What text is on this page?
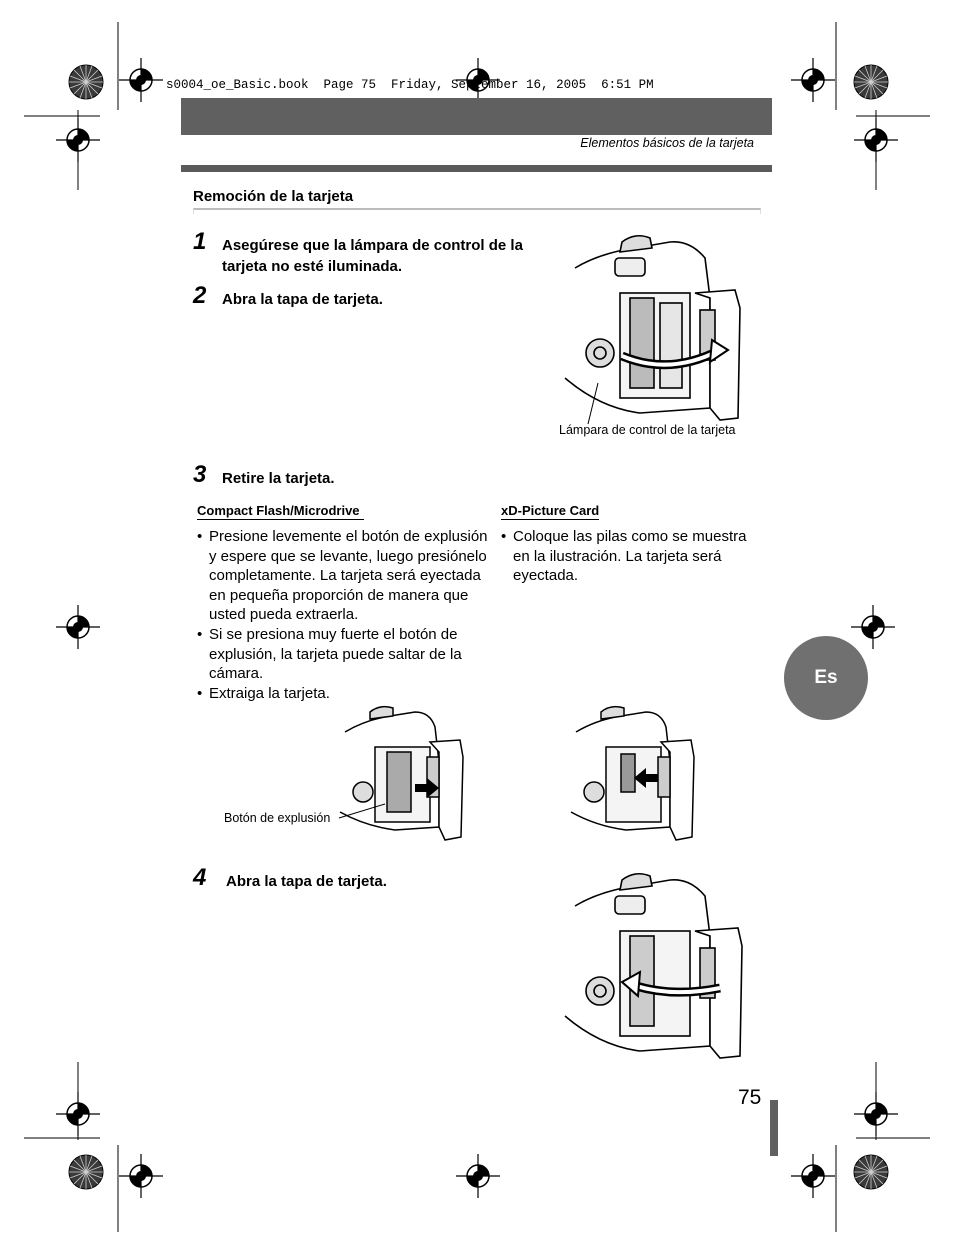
s0004_oe_Basic.book  Page 75  Friday, September 16, 2005  6:51 PM
Elementos básicos de la tarjeta
Remoción de la tarjeta
1 Asegúrese que la lámpara de control de la tarjeta no esté iluminada.
2 Abra la tapa de tarjeta.
Lámpara de control de la tarjeta
3 Retire la tarjeta.
Compact Flash/Microdrive
• Presione levemente el botón de explusión y espere que se levante, luego presiónelo completamente. La tarjeta será eyectada en pequeña proporción de manera que usted pueda extraerla.
• Si se presiona muy fuerte el botón de explusión, la tarjeta puede saltar de la cámara.
• Extraiga la tarjeta.
xD-Picture Card
• Coloque las pilas como se muestra en la ilustración. La tarjeta será eyectada.
Es
Botón de explusión
4 Abra la tapa de tarjeta.
75
